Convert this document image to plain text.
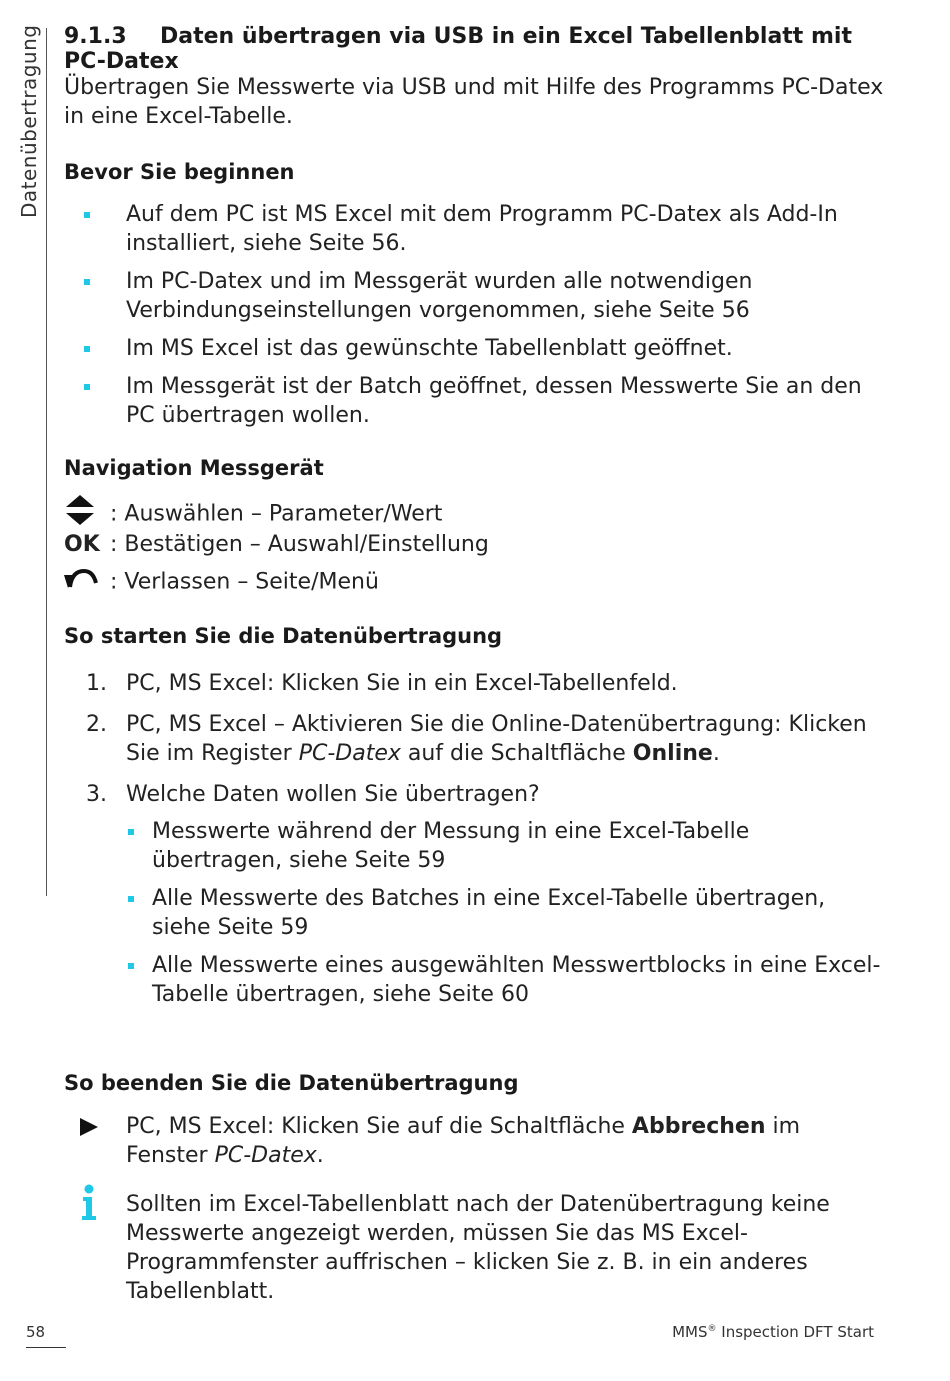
Datenübertragung 9.1.3 Daten übertragen via USB in ein Excel Tabellenblatt mit PC-Datex
Übertragen Sie Messwerte via USB und mit Hilfe des Programms PC-Datex in eine Excel-Tabelle.
Bevor Sie beginnen
Auf dem PC ist MS Excel mit dem Programm PC-Datex als Add-In installiert, siehe Seite 56.
Im PC-Datex und im Messgerät wurden alle notwendigen Verbindungseinstellungen vorgenommen, siehe Seite 56
Im MS Excel ist das gewünschte Tabellenblatt geöffnet.
Im Messgerät ist der Batch geöffnet, dessen Messwerte Sie an den PC übertragen wollen.
Navigation Messgerät
: Auswählen – Parameter/Wert
OK : Bestätigen – Auswahl/Einstellung
: Verlassen – Seite/Menü
So starten Sie die Datenübertragung
1. PC, MS Excel: Klicken Sie in ein Excel-Tabellenfeld.
2. PC, MS Excel – Aktivieren Sie die Online-Datenübertragung: Klicken Sie im Register PC-Datex auf die Schaltfläche Online.
3. Welche Daten wollen Sie übertragen?
Messwerte während der Messung in eine Excel-Tabelle übertragen, siehe Seite 59
Alle Messwerte des Batches in eine Excel-Tabelle übertragen, siehe Seite 59
Alle Messwerte eines ausgewählten Messwertblocks in eine Excel-Tabelle übertragen, siehe Seite 60
So beenden Sie die Datenübertragung
PC, MS Excel: Klicken Sie auf die Schaltfläche Abbrechen im Fenster PC-Datex.
Sollten im Excel-Tabellenblatt nach der Datenübertragung keine Messwerte angezeigt werden, müssen Sie das MS Excel-Programmfenster auffrischen – klicken Sie z. B. in ein anderes Tabellenblatt.
58	MMS® Inspection DFT Start
